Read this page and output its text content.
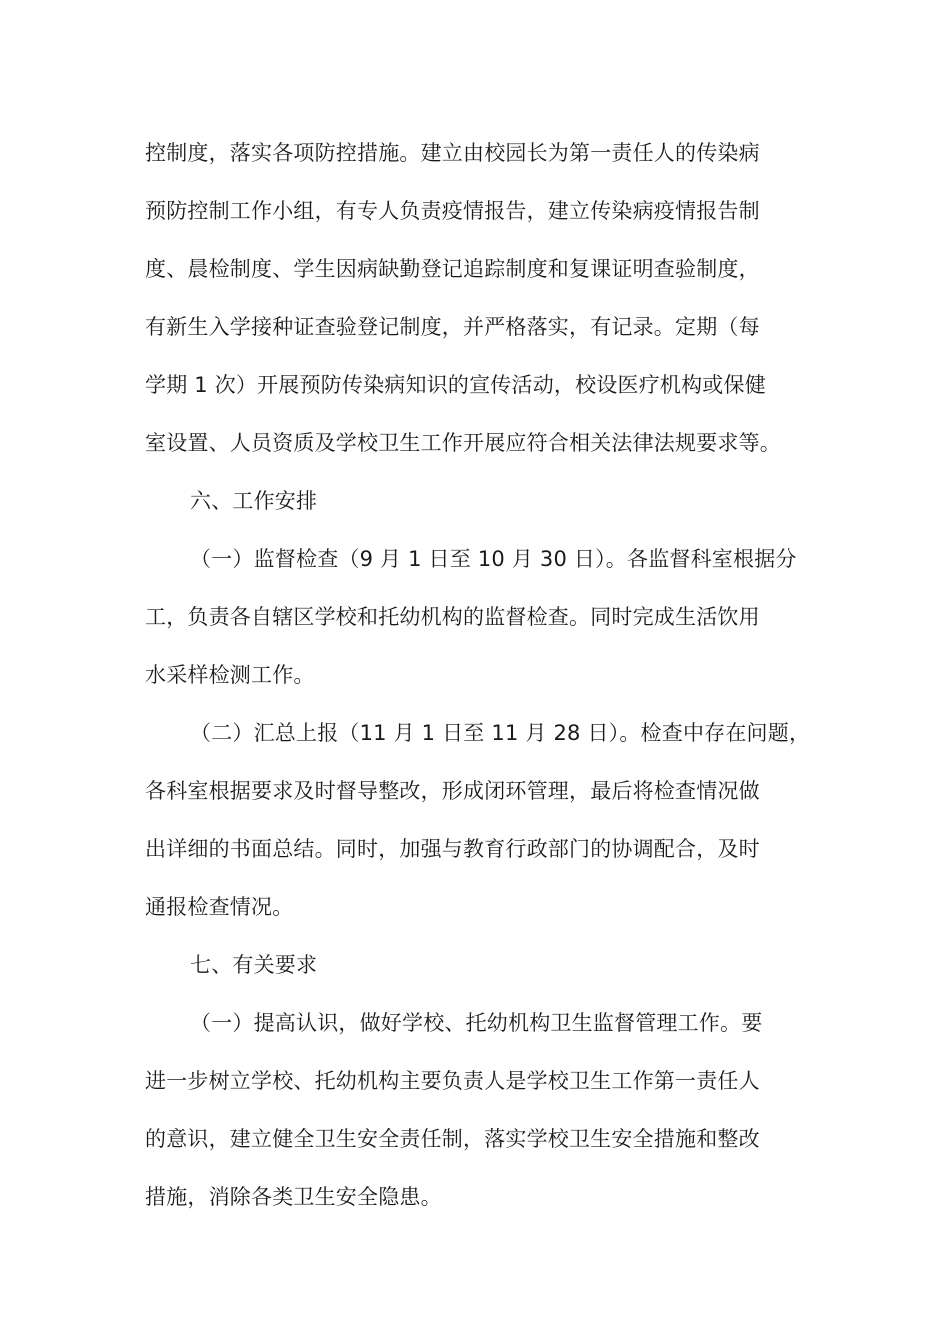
控制度，落实各项防控措施。建立由校园长为第一责任人的传染病
预防控制工作小组，有专人负责疫情报告，建立传染病疫情报告制
度、晨检制度、学生因病缺勤登记追踪制度和复课证明查验制度，
有新生入学接种证查验登记制度，并严格落实，有记录。定期（每
学期 1 次）开展预防传染病知识的宣传活动，校设医疗机构或保健
室设置、人员资质及学校卫生工作开展应符合相关法律法规要求等。
六、工作安排
（一）监督检查（9 月 1 日至 10 月 30 日）。各监督科室根据分
工，负责各自辖区学校和托幼机构的监督检查。同时完成生活饮用
水采样检测工作。
（二）汇总上报（11 月 1 日至 11 月 28 日）。检查中存在问题，
各科室根据要求及时督导整改，形成闭环管理，最后将检查情况做
出详细的书面总结。同时，加强与教育行政部门的协调配合，及时
通报检查情况。
七、有关要求
（一）提高认识，做好学校、托幼机构卫生监督管理工作。要
进一步树立学校、托幼机构主要负责人是学校卫生工作第一责任人
的意识，建立健全卫生安全责任制，落实学校卫生安全措施和整改
措施，消除各类卫生安全隐患。
